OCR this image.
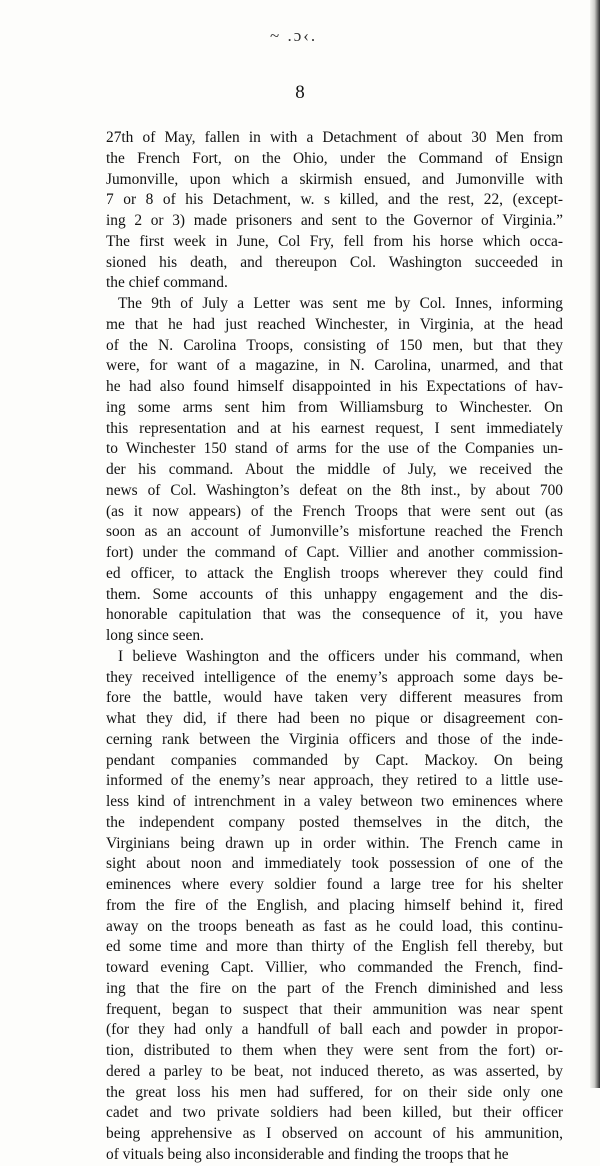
~ .ɔ‹.
8
27th of May, fallen in with a Detachment of about 30 Men from
the French Fort, on the Ohio, under the Command of Ensign
Jumonville, upon which a skirmish ensued, and Jumonville with
7 or 8 of his Detachment, w. s killed, and the rest, 22, (except-
ing 2 or 3) made prisoners and sent to the Governor of Virginia.”
The first week in June, Col Fry, fell from his horse which occa-
sioned his death, and thereupon Col. Washington succeeded in
the chief command.
The 9th of July a Letter was sent me by Col. Innes, informing
me that he had just reached Winchester, in Virginia, at the head
of the N. Carolina Troops, consisting of 150 men, but that they
were, for want of a magazine, in N. Carolina, unarmed, and that
he had also found himself disappointed in his Expectations of hav-
ing some arms sent him from Williamsburg to Winchester. On
this representation and at his earnest request, I sent immediately
to Winchester 150 stand of arms for the use of the Companies un-
der his command. About the middle of July, we received the
news of Col. Washington’s defeat on the 8th inst., by about 700
(as it now appears) of the French Troops that were sent out (as
soon as an account of Jumonville’s misfortune reached the French
fort) under the command of Capt. Villier and another commission-
ed officer, to attack the English troops wherever they could find
them. Some accounts of this unhappy engagement and the dis-
honorable capitulation that was the consequence of it, you have
long since seen.
I believe Washington and the officers under his command, when
they received intelligence of the enemy’s approach some days be-
fore the battle, would have taken very different measures from
what they did, if there had been no pique or disagreement con-
cerning rank between the Virginia officers and those of the inde-
pendant companies commanded by Capt. Mackoy. On being
informed of the enemy’s near approach, they retired to a little use-
less kind of intrenchment in a valey betweon two eminences where
the independent company posted themselves in the ditch, the
Virginians being drawn up in order within. The French came in
sight about noon and immediately took possession of one of the
eminences where every soldier found a large tree for his shelter
from the fire of the English, and placing himself behind it, fired
away on the troops beneath as fast as he could load, this continu-
ed some time and more than thirty of the English fell thereby, but
toward evening Capt. Villier, who commanded the French, find-
ing that the fire on the part of the French diminished and less
frequent, began to suspect that their ammunition was near spent
(for they had only a handfull of ball each and powder in propor-
tion, distributed to them when they were sent from the fort) or-
dered a parley to be beat, not induced thereto, as was asserted, by
the great loss his men had suffered, for on their side only one
cadet and two private soldiers had been killed, but their officer
being apprehensive as I observed on account of his ammunition,
of vituals being also inconsiderable and finding the troops that he
